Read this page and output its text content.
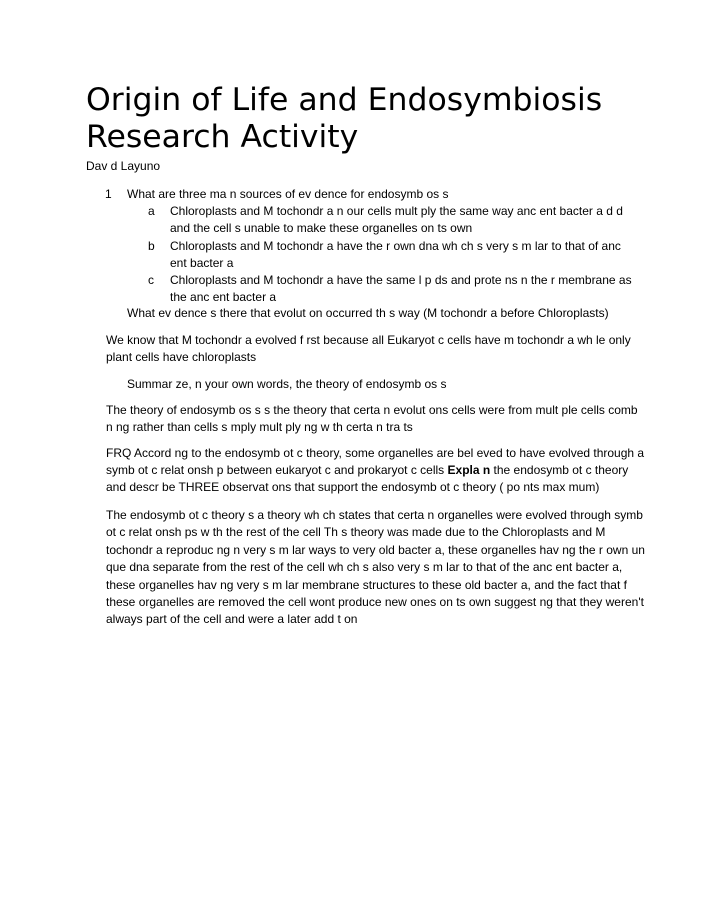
Origin of Life and Endosymbiosis Research Activity
Dav d Layuno
1	What are three ma n sources of ev dence for endosymb os s
a	Chloroplasts and M tochondr a n our cells mult ply the same way anc ent bacter a d d and the cell s unable to make these organelles on ts own
b	Chloroplasts and M tochondr a have the r own dna wh ch s very s m lar to that of anc ent bacter a
c	Chloroplasts and M tochondr a have the same l p ds and prote ns n the r membrane as the anc ent bacter a
What ev dence s there that evolut on occurred th s way (M tochondr a before Chloroplasts)
We know that M tochondr a evolved f rst because all Eukaryot c cells have m tochondr a wh le only plant cells have chloroplasts
Summar ze, n your own words, the theory of endosymb os s
The theory of endosymb os s s the theory that certa n evolut ons cells were from mult ple cells comb n ng rather than cells s mply mult ply ng w th certa n tra ts
FRQ Accord ng to the endosymb ot c theory, some organelles are bel eved to have evolved through a symb ot c relat onsh p between eukaryot c and prokaryot c cells Expla n the endosymb ot c theory and descr be THREE observat ons that support the endosymb ot c theory ( po nts max mum)
The endosymb ot c theory s a theory wh ch states that certa n organelles were evolved through symb ot c relat onsh ps w th the rest of the cell Th s theory was made due to the Chloroplasts and M tochondr a reproduc ng n very s m lar ways to very old bacter a, these organelles hav ng the r own un que dna separate from the rest of the cell wh ch s also very s m lar to that of the anc ent bacter a, these organelles hav ng very s m lar membrane structures to these old bacter a, and the fact that f these organelles are removed the cell wont produce new ones on ts own suggest ng that they weren't always part of the cell and were a later add t on
